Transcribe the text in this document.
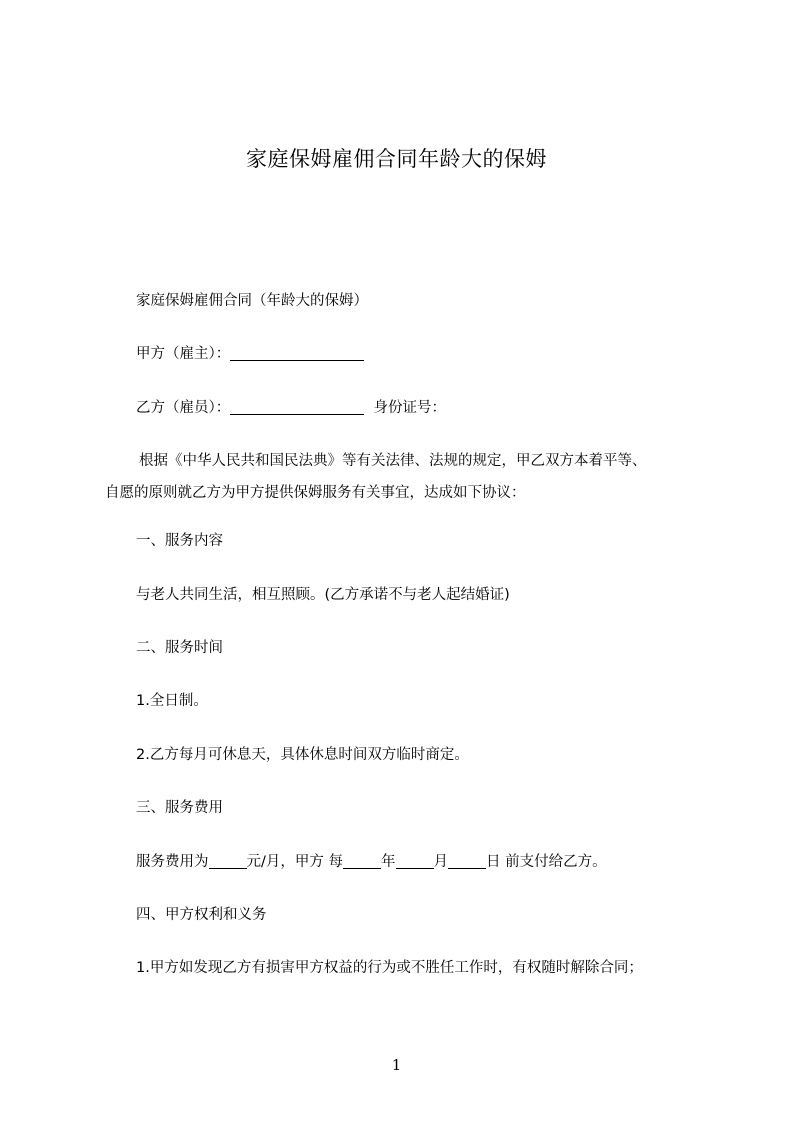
家庭保姆雇佣合同年龄大的保姆
家庭保姆雇佣合同（年龄大的保姆）
甲方（雇主）：
乙方（雇员）：	身份证号：
根据《中华人民共和国民法典》等有关法律、法规的规定，甲乙双方本着平等、
自愿的原则就乙方为甲方提供保姆服务有关事宜，达成如下协议：
一、服务内容
与老人共同生活，相互照顾。(乙方承诺不与老人起结婚证)
二、服务时间
1.全日制。
2.乙方每月可休息天，具体休息时间双方临时商定。
三、服务费用
服务费用为	元/月，甲方 每	年	月	日 前支付给乙方。
四、甲方权利和义务
1.甲方如发现乙方有损害甲方权益的行为或不胜任工作时，有权随时解除合同；
1
